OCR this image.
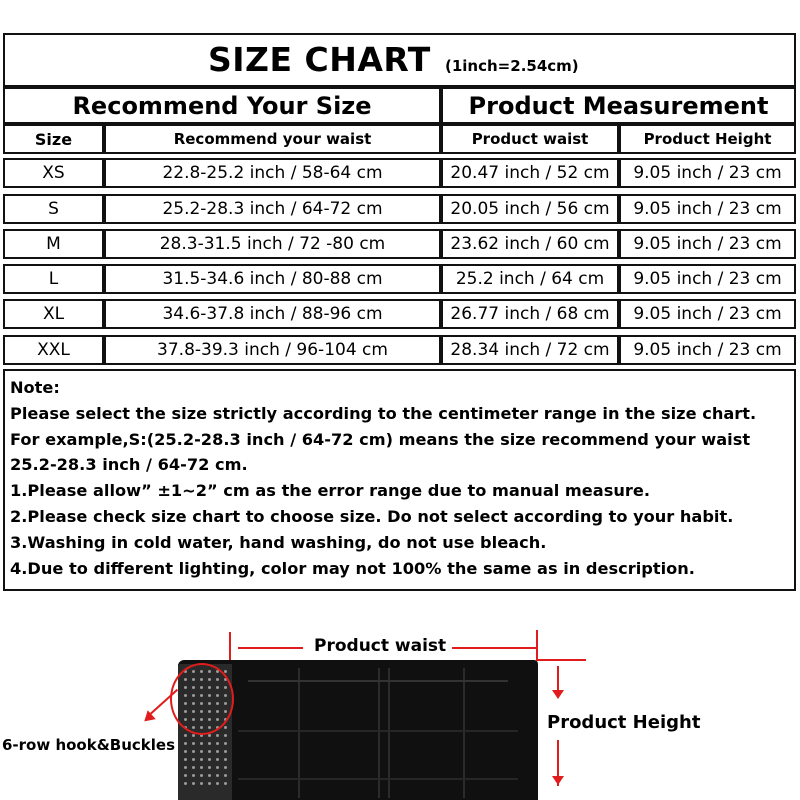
SIZE CHART (1inch=2.54cm)
Recommend Your Size	Product Measurement
Size	Recommend your waist	Product waist	Product Height
XS	22.8-25.2 inch / 58-64 cm	20.47 inch / 52 cm	9.05 inch / 23 cm
S	25.2-28.3 inch / 64-72 cm	20.05 inch / 56 cm	9.05 inch / 23 cm
M	28.3-31.5 inch / 72 -80 cm	23.62 inch / 60 cm	9.05 inch / 23 cm
L	31.5-34.6 inch / 80-88 cm	25.2 inch / 64 cm	9.05 inch / 23 cm
XL	34.6-37.8 inch / 88-96 cm	26.77 inch / 68 cm	9.05 inch / 23 cm
XXL	37.8-39.3 inch / 96-104 cm	28.34 inch / 72 cm	9.05 inch / 23 cm
Note:
Please select the size strictly according to the centimeter range in the size chart.
For example,S:(25.2-28.3 inch / 64-72 cm) means the size recommend your waist
25.2-28.3 inch / 64-72 cm.
1.Please allow” ±1~2” cm as the error range due to manual measure.
2.Please check size chart to choose size. Do not select according to your habit.
3.Washing in cold water, hand washing, do not use bleach.
4.Due to different lighting, color may not 100% the same as in description.
Product waist
Product Height
6-row hook&Buckles
